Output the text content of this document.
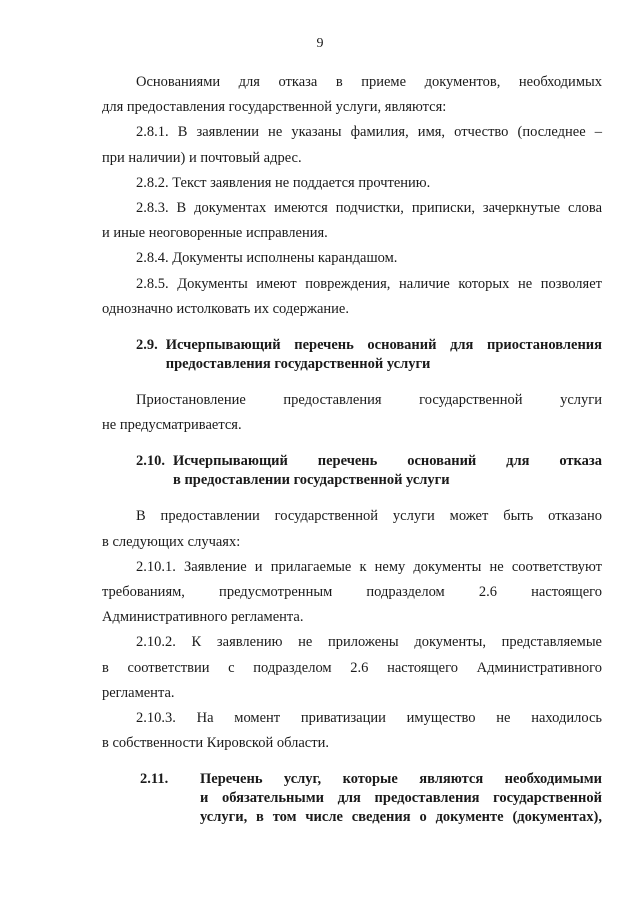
9

Основаниями для отказа в приеме документов, необходимых

для предоставления государственной услуги, являются:

2.8.1. В заявлении не указаны фамилия, имя, отчество (последнее –

при наличии) и почтовый адрес.

2.8.2. Текст заявления не поддается прочтению.

2.8.3. В документах имеются подчистки, приписки, зачеркнутые слова

и иные неоговоренные исправления.

2.8.4. Документы исполнены карандашом.

2.8.5. Документы имеют повреждения, наличие которых не позволяет

однозначно истолковать их содержание.

2.9. Исчерпывающий перечень оснований для приостановления
предоставления государственной услуги

Приостановление предоставления государственной услуги

не предусматривается.

2.10. Исчерпывающий перечень оснований для отказа
в предоставлении государственной услуги

В предоставлении государственной услуги может быть отказано

в следующих случаях:

2.10.1. Заявление и прилагаемые к нему документы не соответствуют

требованиям, предусмотренным подразделом 2.6 настоящего

Административного регламента.

2.10.2. К заявлению не приложены документы, представляемые

в соответствии с подразделом 2.6 настоящего Административного

регламента.

2.10.3. На момент приватизации имущество не находилось

в собственности Кировской области.

2.11.	Перечень услуг, которые являются необходимыми
и обязательными для предоставления государственной
услуги, в том числе сведения о документе (документах),
